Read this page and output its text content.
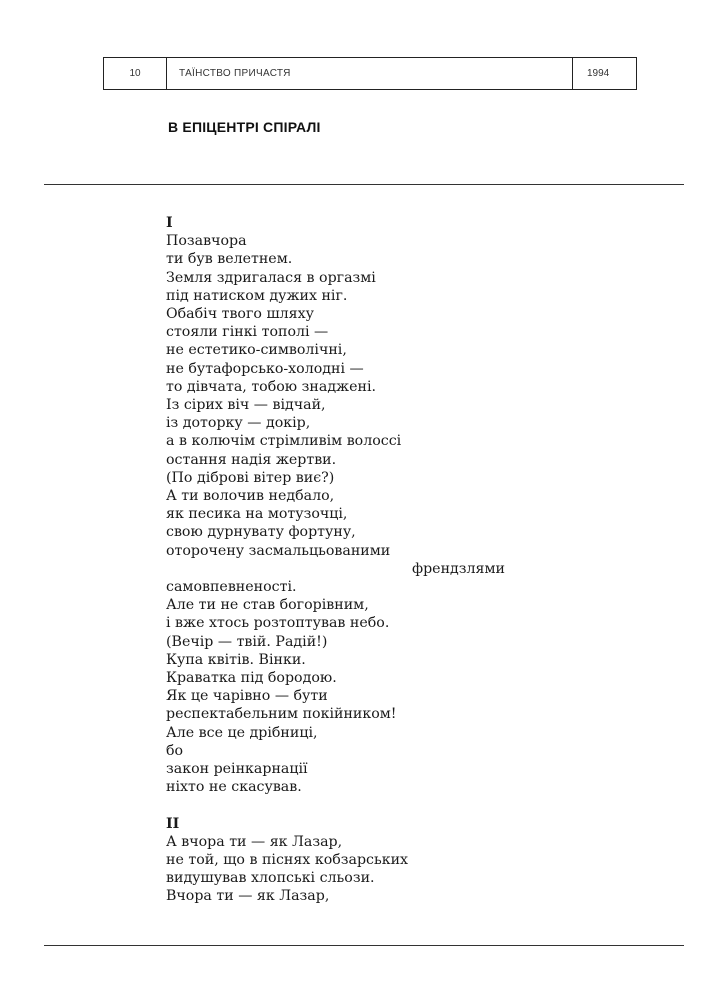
10	ТАЇНСТВО ПРИЧАСТЯ	1994
В ЕПІЦЕНТРІ СПІРАЛІ
I
Позавчора
ти був велетнем.
Земля здригалася в оргазмі
під натиском дужих ніг.
Обабіч твого шляху
стояли гінкі тополі —
не естетико-символічні,
не бутафорсько-холодні —
то дівчата, тобою знаджені.
Із сірих віч — відчай,
із доторку — докір,
а в колючім стрімливім волоссі
остання надія жертви.
(По діброві вітер виє?)
А ти волочив недбало,
як песика на мотузочці,
свою дурнувату фортуну,
оторочену засмальцьованими
френдзлями
самовпевненості.
Але ти не став богорівним,
і вже хтось розтоптував небо.
(Вечір — твій. Радій!)
Купа квітів. Вінки.
Краватка під бородою.
Як це чарівно — бути
респектабельним покійником!
Але все це дрібниці,
бо
закон реінкарнації
ніхто не скасував.
II
А вчора ти — як Лазар,
не той, що в піснях кобзарських
видушував хлопські сльози.
Вчора ти — як Лазар,
